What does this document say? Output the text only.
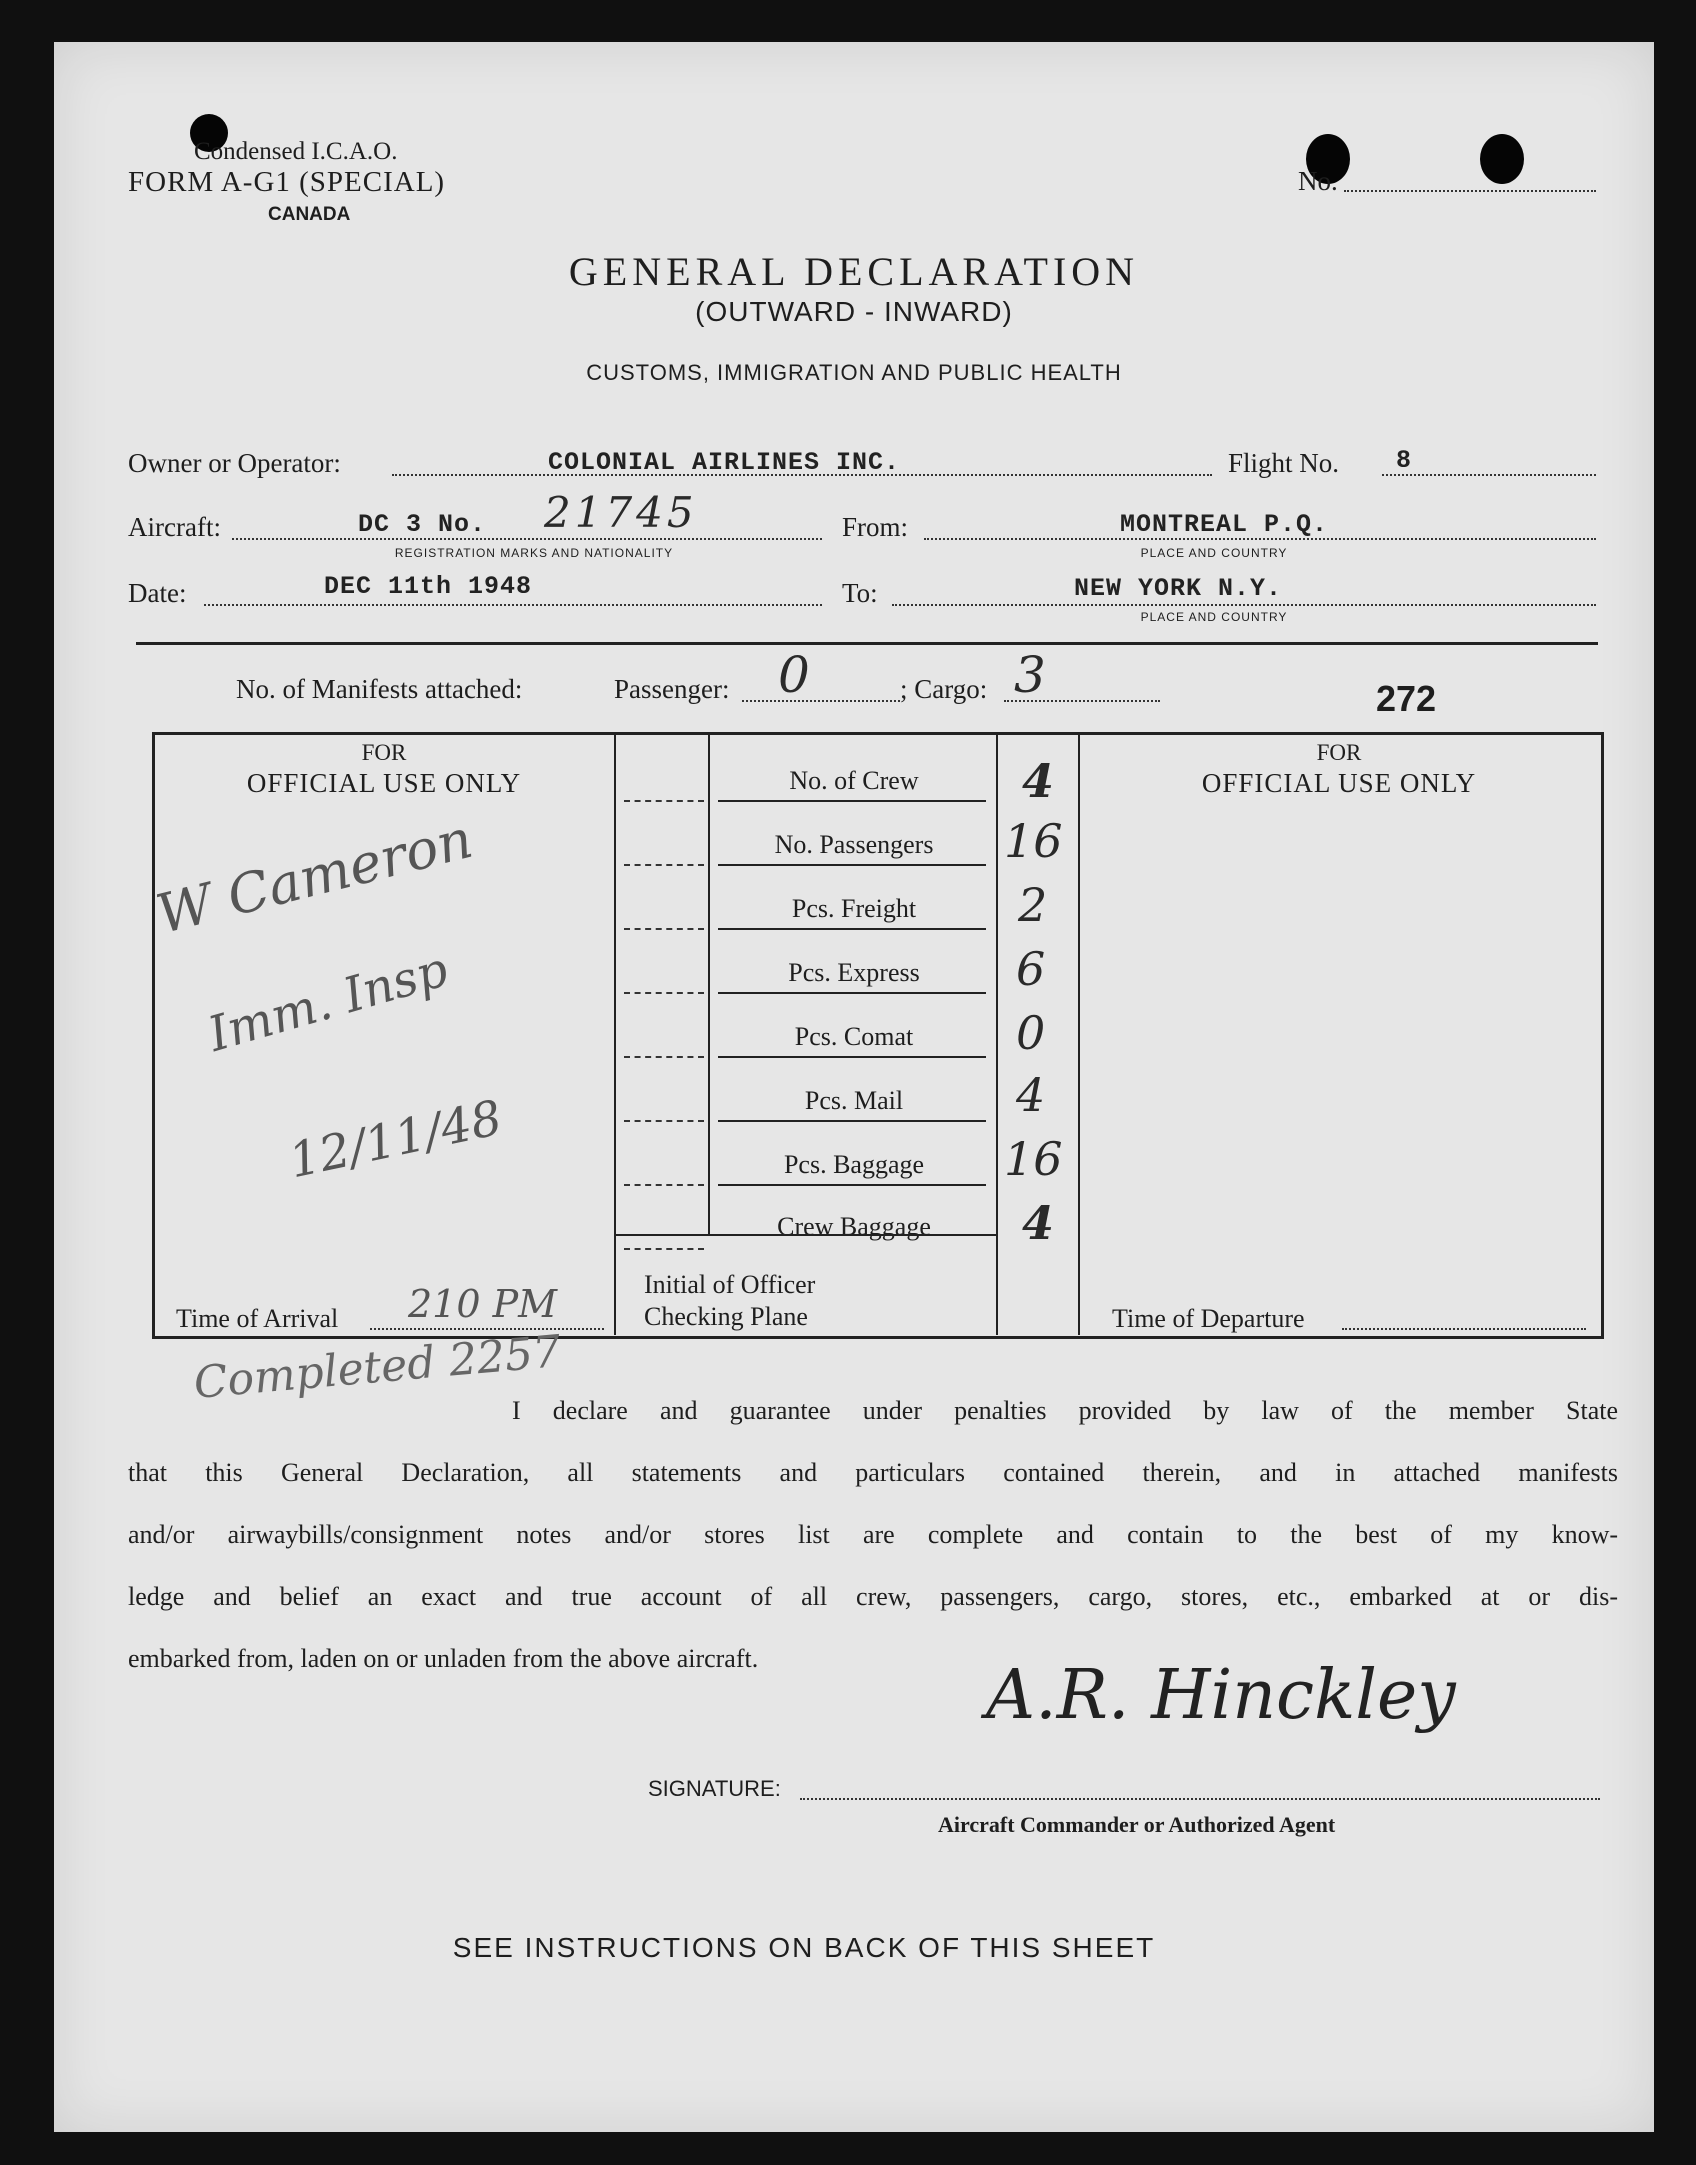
Condensed I.C.A.O.
FORM A-G1 (SPECIAL)
CANADA
No.
GENERAL DECLARATION
(OUTWARD - INWARD)
CUSTOMS, IMMIGRATION AND PUBLIC HEALTH
Owner or Operator:	COLONIAL AIRLINES INC.	Flight No. 8
Aircraft:	DC 3 No. 21745
REGISTRATION MARKS AND NATIONALITY
From:	MONTREAL P.Q.
PLACE AND COUNTRY
Date:	DEC 11th 1948	To:	NEW YORK N.Y.
PLACE AND COUNTRY
No. of Manifests attached:	Passenger: 0	; Cargo: 3	272
FOR
OFFICIAL USE ONLY
FOR
OFFICIAL USE ONLY
No. of Crew	4
No. Passengers	16
Pcs. Freight	2
Pcs. Express	6
Pcs. Comat	0
Pcs. Mail	4
Pcs. Baggage	16
Crew Baggage	4
Initial of Officer
Checking Plane
W Cameron
Imm. Insp
12/11/48
Time of Arrival 210 PM	Time of Departure
Completed 2257
I declare and guarantee under penalties provided by law of the member State
that this General Declaration, all statements and particulars contained therein, and in attached manifests
and/or airwaybills/consignment notes and/or stores list are complete and contain to the best of my know-
ledge and belief an exact and true account of all crew, passengers, cargo, stores, etc., embarked at or dis-
embarked from, laden on or unladen from the above aircraft.	A.R. Hinckley
SIGNATURE:
Aircraft Commander or Authorized Agent
SEE INSTRUCTIONS ON BACK OF THIS SHEET
